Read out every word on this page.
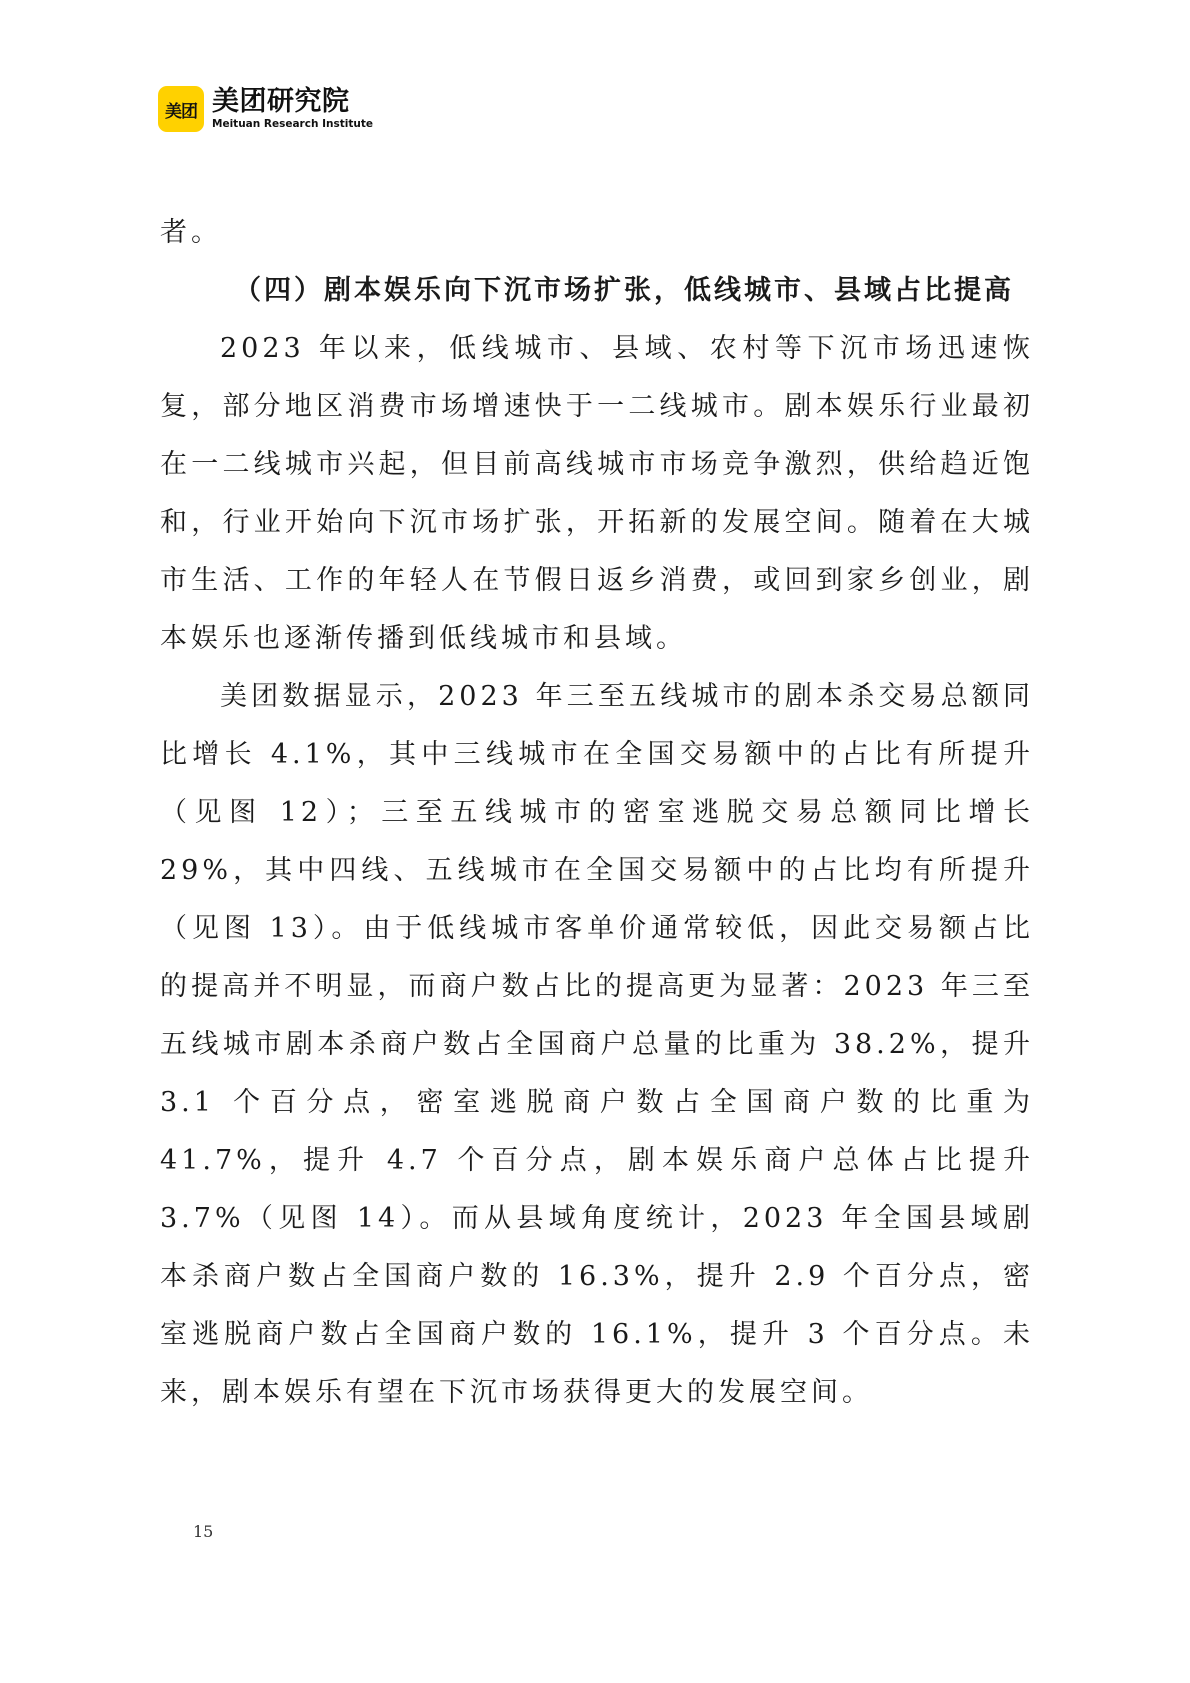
美团 美团研究院
Meituan Research Institute

者。

（四）剧本娱乐向下沉市场扩张，低线城市、县域占比提高

2023 年以来，低线城市、县域、农村等下沉市场迅速恢复，部分地区消费市场增速快于一二线城市。剧本娱乐行业最初在一二线城市兴起，但目前高线城市市场竞争激烈，供给趋近饱和，行业开始向下沉市场扩张，开拓新的发展空间。随着在大城市生活、工作的年轻人在节假日返乡消费，或回到家乡创业，剧本娱乐也逐渐传播到低线城市和县域。

美团数据显示，2023 年三至五线城市的剧本杀交易总额同比增长 4.1%，其中三线城市在全国交易额中的占比有所提升（见图 12）；三至五线城市的密室逃脱交易总额同比增长 29%，其中四线、五线城市在全国交易额中的占比均有所提升（见图 13）。由于低线城市客单价通常较低，因此交易额占比的提高并不明显，而商户数占比的提高更为显著：2023 年三至五线城市剧本杀商户数占全国商户总量的比重为 38.2%，提升 3.1 个百分点，密室逃脱商户数占全国商户数的比重为 41.7%，提升 4.7 个百分点，剧本娱乐商户总体占比提升 3.7%（见图 14）。而从县域角度统计，2023 年全国县域剧本杀商户数占全国商户数的 16.3%，提升 2.9 个百分点，密室逃脱商户数占全国商户数的 16.1%，提升 3 个百分点。未来，剧本娱乐有望在下沉市场获得更大的发展空间。

15
